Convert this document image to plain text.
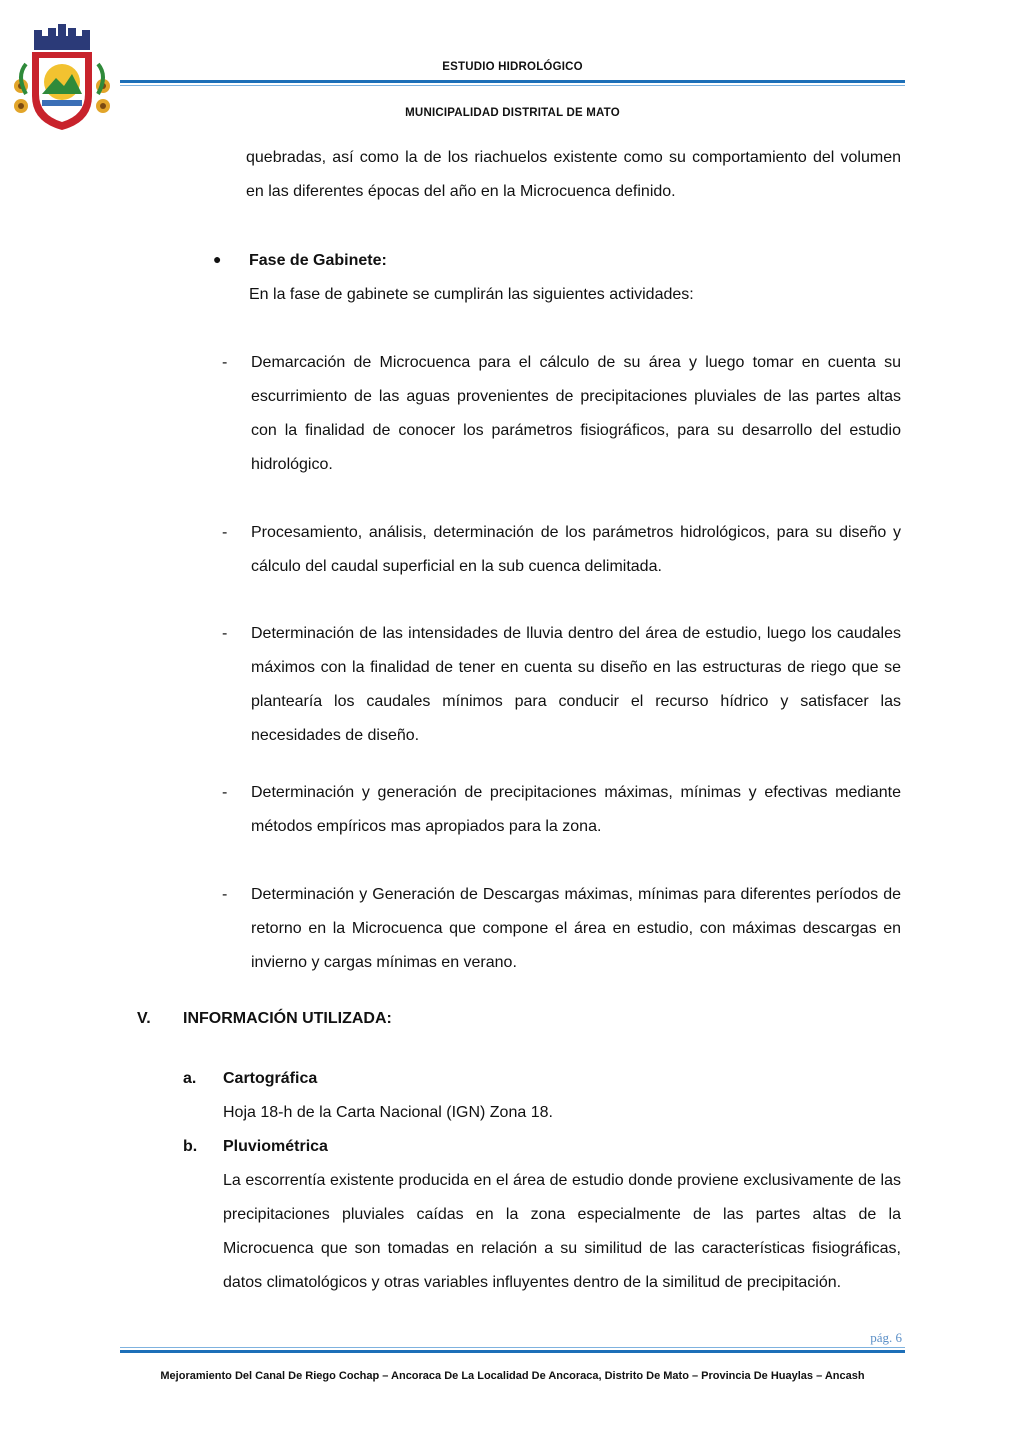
ESTUDIO HIDROLÓGICO
MUNICIPALIDAD DISTRITAL DE MATO
quebradas, así como la de los riachuelos existente como su comportamiento del volumen
en las diferentes épocas del año en la Microcuenca definido.
● Fase de Gabinete:
En la fase de gabinete se cumplirán las siguientes actividades:
- Demarcación de Microcuenca para el cálculo de su área y luego tomar en cuenta su
escurrimiento de las aguas provenientes de precipitaciones pluviales de las partes altas
con la finalidad de conocer los parámetros fisiográficos, para su desarrollo del estudio
hidrológico.
- Procesamiento, análisis, determinación de los parámetros hidrológicos, para su diseño y
cálculo del caudal superficial en la sub cuenca delimitada.
- Determinación de las intensidades de lluvia dentro del área de estudio, luego los caudales
máximos con la finalidad de tener en cuenta su diseño en las estructuras de riego que se
plantearía los caudales mínimos para conducir el recurso hídrico y satisfacer las
necesidades de diseño.
- Determinación y generación de precipitaciones máximas, mínimas y efectivas mediante
métodos empíricos mas apropiados para la zona.
- Determinación y Generación de Descargas máximas, mínimas para diferentes períodos de
retorno en la Microcuenca que compone el área en estudio, con máximas descargas en
invierno y cargas mínimas en verano.
V. INFORMACIÓN UTILIZADA:
a. Cartográfica
Hoja 18-h de la Carta Nacional (IGN) Zona 18.
b. Pluviométrica
La escorrentía existente producida en el área de estudio donde proviene exclusivamente de las
precipitaciones pluviales caídas en la zona especialmente de las partes altas de la
Microcuenca que son tomadas en relación a su similitud de las características fisiográficas,
datos climatológicos y otras variables influyentes dentro de la similitud de precipitación.
pág. 6
Mejoramiento Del Canal De Riego Cochap – Ancoraca De La Localidad De Ancoraca, Distrito De Mato – Provincia De Huaylas – Ancash
